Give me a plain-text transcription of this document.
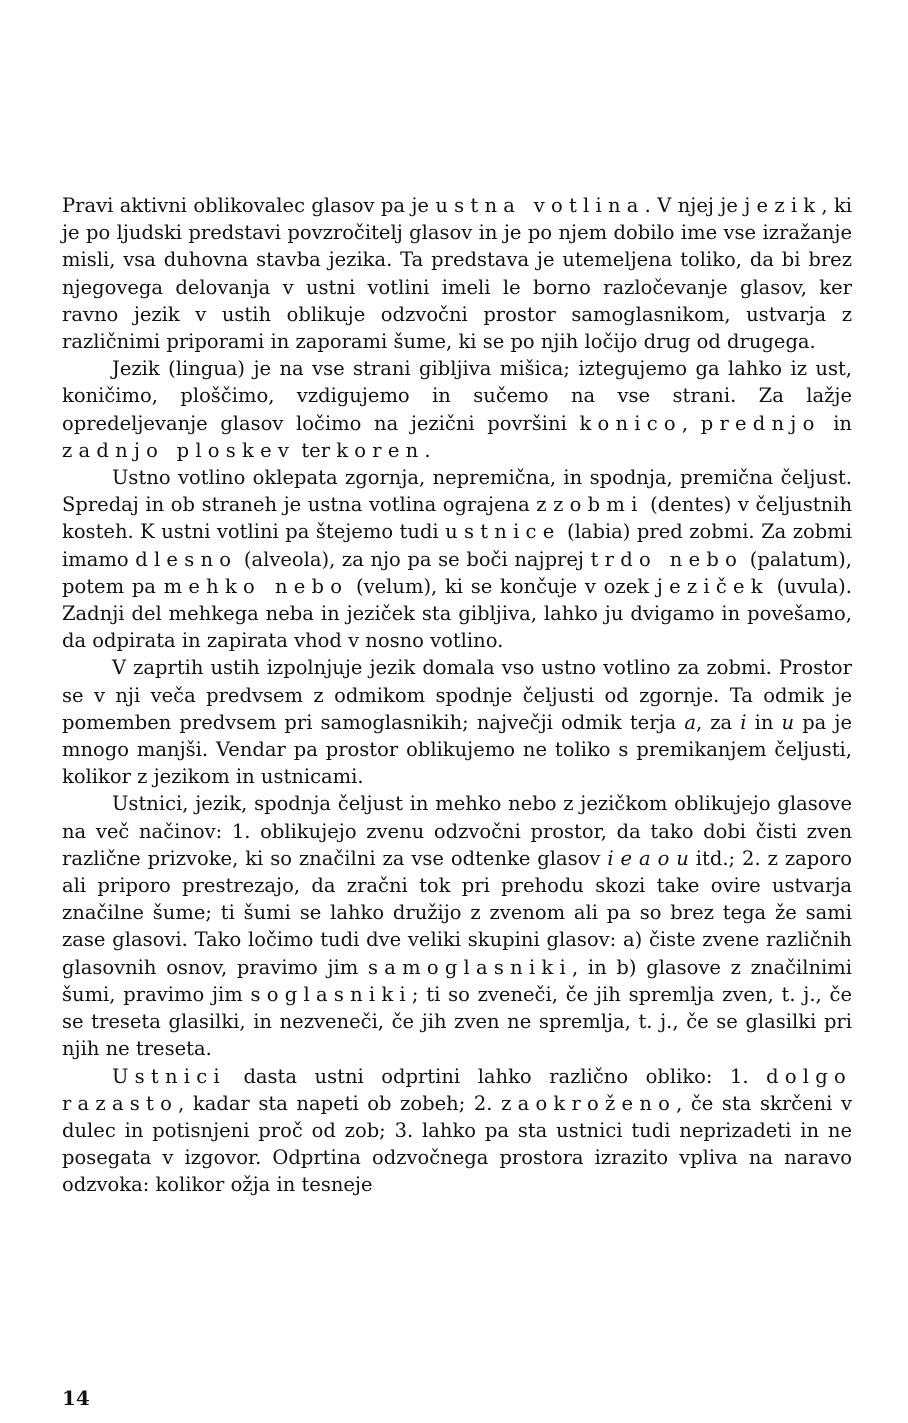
Pravi aktivni oblikovalec glasov pa je ustna votlina. V njej je jezik, ki je po ljudski predstavi povzročitelj glasov in je po njem dobilo ime vse izražanje misli, vsa duhovna stavba jezika. Ta predstava je utemeljena toliko, da bi brez njegovega delovanja v ustni votlini imeli le borno razločevanje glasov, ker ravno jezik v ustih oblikuje odzvočni prostor samoglasnikom, ustvarja z različnimi priporami in zaporami šume, ki se po njih ločijo drug od drugega.

Jezik (lingua) je na vse strani gibljiva mišica; iztegujemo ga lahko iz ust, koničimo, ploščimo, vzdigujemo in sučemo na vse strani. Za lažje opredeljevanje glasov ločimo na jezični površini konico, prednjo in zadnjo ploskev ter koren.

Ustno votlino oklepata zgornja, nepremična, in spodnja, premična čeljust. Spredaj in ob straneh je ustna votlina ograjena z zobmi (dentes) v čeljustnih kosteh. K ustni votlini pa štejemo tudi ustnice (labia) pred zobmi. Za zobmi imamo dlesno (alveola), za njo pa se boči najprej trdo nebo (palatum), potem pa mehko nebo (velum), ki se končuje v ozek jeziček (uvula). Zadnji del mehkega neba in jeziček sta gibljiva, lahko ju dvigamo in povešamo, da odpirata in zapirata vhod v nosno votlino.

V zaprtih ustih izpolnjuje jezik domala vso ustno votlino za zobmi. Prostor se v nji veča predvsem z odmikom spodnje čeljusti od zgornje. Ta odmik je pomemben predvsem pri samoglasnikih; največji odmik terja a, za i in u pa je mnogo manjši. Vendar pa prostor oblikujemo ne toliko s premikanjem čeljusti, kolikor z jezikom in ustnicami.

Ustnici, jezik, spodnja čeljust in mehko nebo z jezičkom oblikujejo glasove na več načinov: 1. oblikujejo zvenu odzvočni prostor, da tako dobi čisti zven različne prizvoke, ki so značilni za vse odtenke glasov i e a o u itd.; 2. z zaporo ali priporo prestrezajo, da zračni tok pri prehodu skozi take ovire ustvarja značilne šume; ti šumi se lahko družijo z zvenom ali pa so brez tega že sami zase glasovi. Tako ločimo tudi dve veliki skupini glasov: a) čiste zvene različnih glasovnih osnov, pravimo jim samoglasniki, in b) glasove z značilnimi šumi, pravimo jim soglasniki; ti so zveneči, če jih spremlja zven, t. j., če se treseta glasilki, in nezveneči, če jih zven ne spremlja, t. j., če se glasilki pri njih ne treseta.

Ustnici dasta ustni odprtini lahko različno obliko: 1. dolgo razasto, kadar sta napeti ob zobeh; 2. zaokroženo, če sta skrčeni v dulec in potisnjeni proč od zob; 3. lahko pa sta ustnici tudi neprizadeti in ne posegata v izgovor. Odprtina odzvočnega prostora izrazito vpliva na naravo odzvoka: kolikor ožja in tesneje

14
